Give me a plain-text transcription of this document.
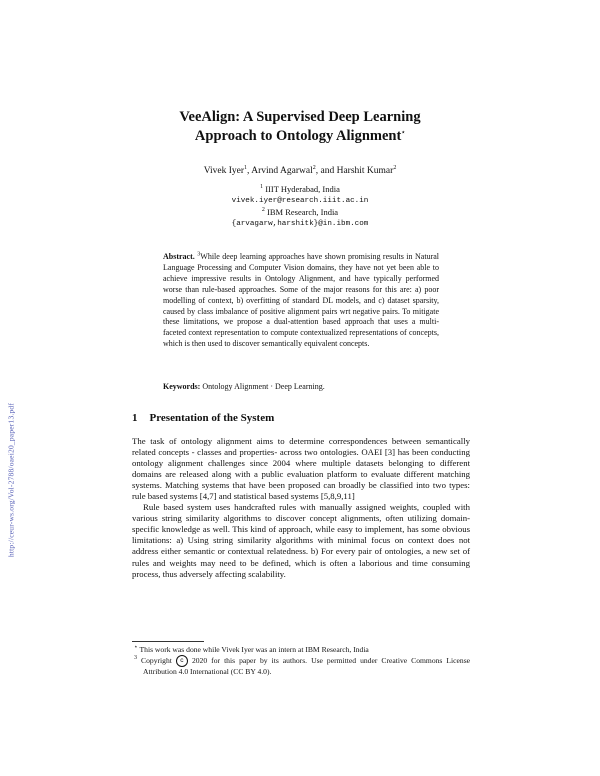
http://ceur-ws.org/Vol-2788/oaei20_paper13.pdf
VeeAlign: A Supervised Deep Learning
Approach to Ontology Alignment⋆
Vivek Iyer$^1$, Arvind Agarwal$^2$, and Harshit Kumar$^2$
$^1$ IIIT Hyderabad, India
vivek.iyer@research.iiit.ac.in
$^2$ IBM Research, India
{arvagarw,harshitk}@in.ibm.com
Abstract. $^3$While deep learning approaches have shown promising results in Natural Language Processing and Computer Vision domains, they have not yet been able to achieve impressive results in Ontology Alignment, and have typically performed worse than rule-based approaches. Some of the major reasons for this are: a) poor modelling of context, b) overfitting of standard DL models, and c) dataset sparsity, caused by class imbalance of positive alignment pairs wrt negative pairs. To mitigate these limitations, we propose a dual-attention based approach that uses a multi-faceted context representation to compute contextualized representations of concepts, which is then used to discover semantically equivalent concepts.
Keywords: Ontology Alignment · Deep Learning.
1 Presentation of the System

The task of ontology alignment aims to determine correspondences between semantically related concepts - classes and properties- across two ontologies. OAEI [3] has been conducting ontology alignment challenges since 2004 where multiple datasets belonging to different domains are released along with a public evaluation platform to evaluate different matching systems. Matching systems that have been proposed can broadly be classified into two types: rule based systems [4,7] and statistical based systems [5,8,9,11]

Rule based system uses handcrafted rules with manually assigned weights, coupled with various string similarity algorithms to discover concept alignments, often utilizing domain-specific knowledge as well. This kind of approach, while easy to implement, has some obvious limitations: a) Using string similarity algorithms with minimal focus on context does not address either semantic or contextual relatedness. b) For every pair of ontologies, a new set of rules and weights may need to be defined, which is often a laborious and time consuming process, thus adversely affecting scalability.

⋆ This work was done while Vivek Iyer was an intern at IBM Research, India
$^3$ Copyright c 2020 for this paper by its authors. Use permitted under Creative Commons License Attribution 4.0 International (CC BY 4.0).
